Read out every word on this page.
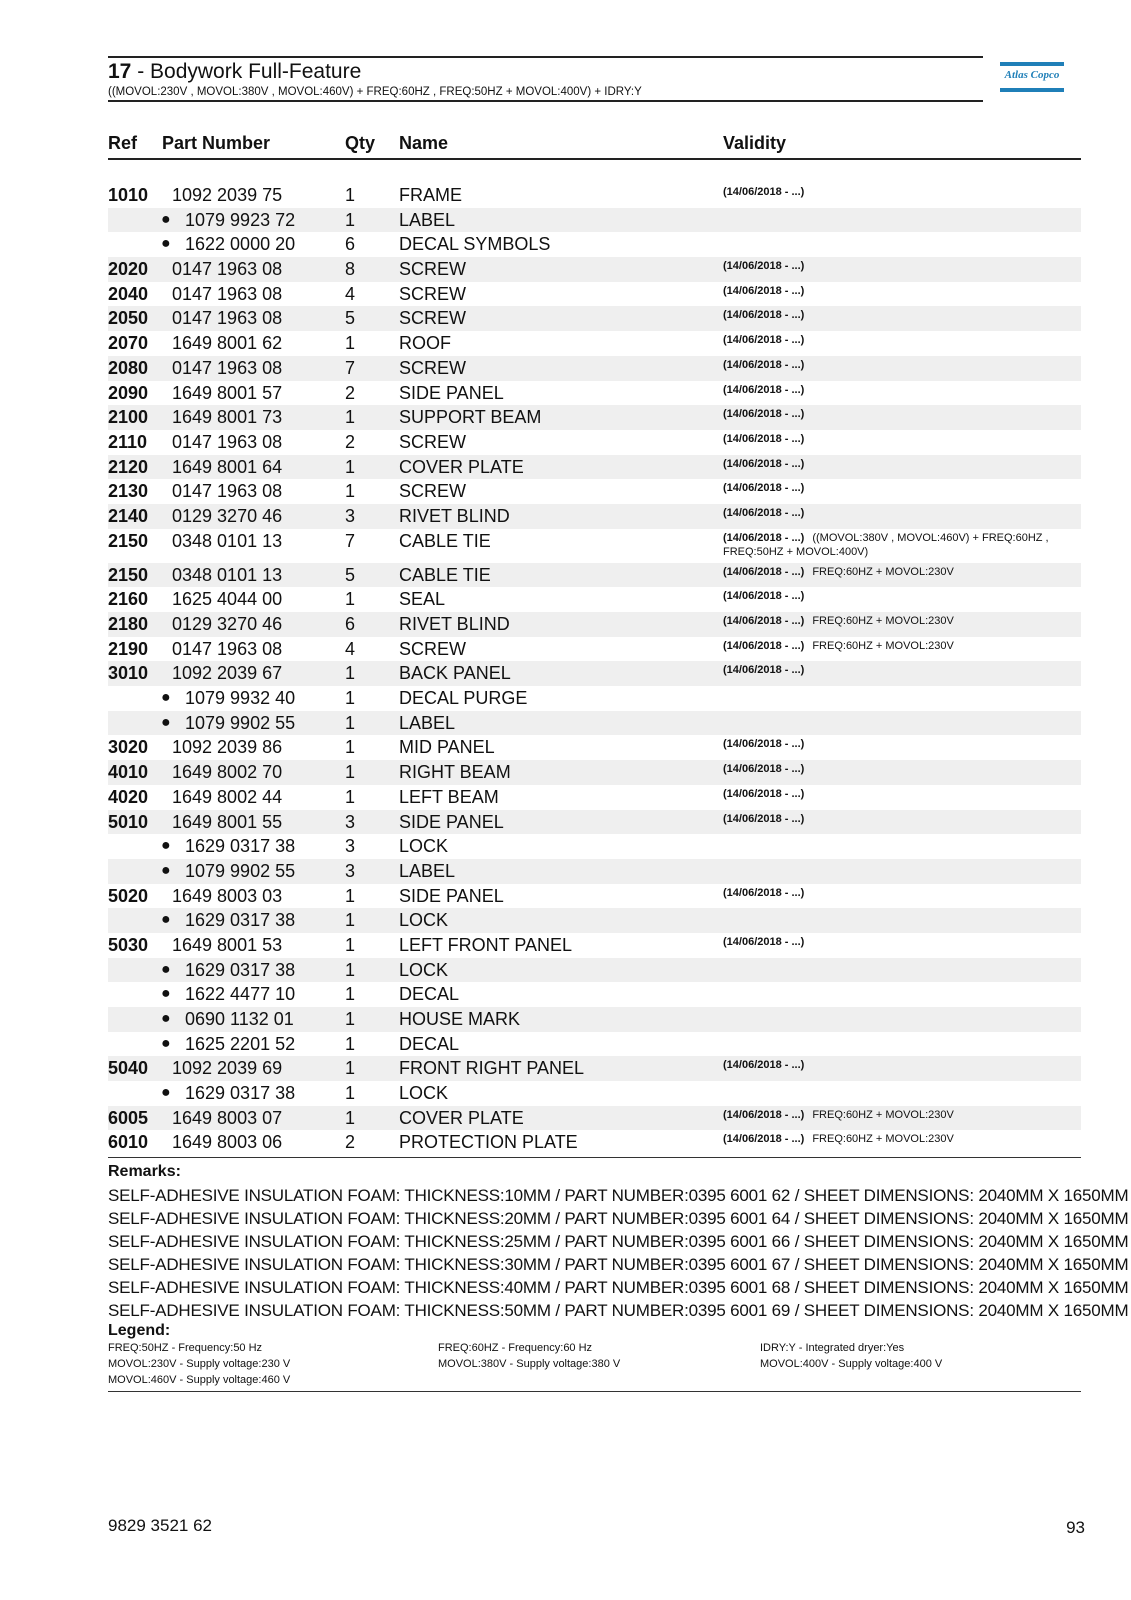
17 - Bodywork Full-Feature
((MOVOL:230V , MOVOL:380V , MOVOL:460V) + FREQ:60HZ , FREQ:50HZ + MOVOL:400V) + IDRY:Y
Atlas Copco
Ref Part Number	Qty Name	Validity
1010 1092 2039 75	1 FRAME	(14/06/2018 - ...)
● 1079 9923 72	1 LABEL
● 1622 0000 20	6 DECAL SYMBOLS
2020 0147 1963 08	8 SCREW	(14/06/2018 - ...)
2040 0147 1963 08	4 SCREW	(14/06/2018 - ...)
2050 0147 1963 08	5 SCREW	(14/06/2018 - ...)
2070 1649 8001 62	1 ROOF	(14/06/2018 - ...)
2080 0147 1963 08	7 SCREW	(14/06/2018 - ...)
2090 1649 8001 57	2 SIDE PANEL	(14/06/2018 - ...)
2100 1649 8001 73	1 SUPPORT BEAM	(14/06/2018 - ...)
2110 0147 1963 08	2 SCREW	(14/06/2018 - ...)
2120 1649 8001 64	1 COVER PLATE	(14/06/2018 - ...)
2130 0147 1963 08	1 SCREW	(14/06/2018 - ...)
2140 0129 3270 46	3 RIVET BLIND	(14/06/2018 - ...)
2150 0348 0101 13	7 CABLE TIE	(14/06/2018 - ...) ((MOVOL:380V , MOVOL:460V) + FREQ:60HZ ,
FREQ:50HZ + MOVOL:400V)
2150 0348 0101 13	5 CABLE TIE	(14/06/2018 - ...) FREQ:60HZ + MOVOL:230V
2160 1625 4044 00	1 SEAL	(14/06/2018 - ...)
2180 0129 3270 46	6 RIVET BLIND	(14/06/2018 - ...) FREQ:60HZ + MOVOL:230V
2190 0147 1963 08	4 SCREW	(14/06/2018 - ...) FREQ:60HZ + MOVOL:230V
3010 1092 2039 67	1 BACK PANEL	(14/06/2018 - ...)
● 1079 9932 40	1 DECAL PURGE
● 1079 9902 55	1 LABEL
3020 1092 2039 86	1 MID PANEL	(14/06/2018 - ...)
4010 1649 8002 70	1 RIGHT BEAM	(14/06/2018 - ...)
4020 1649 8002 44	1 LEFT BEAM	(14/06/2018 - ...)
5010 1649 8001 55	3 SIDE PANEL	(14/06/2018 - ...)
● 1629 0317 38	3 LOCK
● 1079 9902 55	3 LABEL
5020 1649 8003 03	1 SIDE PANEL	(14/06/2018 - ...)
● 1629 0317 38	1 LOCK
5030 1649 8001 53	1 LEFT FRONT PANEL	(14/06/2018 - ...)
● 1629 0317 38	1 LOCK
● 1622 4477 10	1 DECAL
● 0690 1132 01	1 HOUSE MARK
● 1625 2201 52	1 DECAL
5040 1092 2039 69	1 FRONT RIGHT PANEL	(14/06/2018 - ...)
● 1629 0317 38	1 LOCK
6005 1649 8003 07	1 COVER PLATE	(14/06/2018 - ...) FREQ:60HZ + MOVOL:230V
6010 1649 8003 06	2 PROTECTION PLATE	(14/06/2018 - ...) FREQ:60HZ + MOVOL:230V
Remarks:
SELF-ADHESIVE INSULATION FOAM: THICKNESS:10MM / PART NUMBER:0395 6001 62 / SHEET DIMENSIONS: 2040MM X 1650MM
SELF-ADHESIVE INSULATION FOAM: THICKNESS:20MM / PART NUMBER:0395 6001 64 / SHEET DIMENSIONS: 2040MM X 1650MM
SELF-ADHESIVE INSULATION FOAM: THICKNESS:25MM / PART NUMBER:0395 6001 66 / SHEET DIMENSIONS: 2040MM X 1650MM
SELF-ADHESIVE INSULATION FOAM: THICKNESS:30MM / PART NUMBER:0395 6001 67 / SHEET DIMENSIONS: 2040MM X 1650MM
SELF-ADHESIVE INSULATION FOAM: THICKNESS:40MM / PART NUMBER:0395 6001 68 / SHEET DIMENSIONS: 2040MM X 1650MM
SELF-ADHESIVE INSULATION FOAM: THICKNESS:50MM / PART NUMBER:0395 6001 69 / SHEET DIMENSIONS: 2040MM X 1650MM
Legend:
FREQ:50HZ - Frequency:50 Hz
MOVOL:230V - Supply voltage:230 V
MOVOL:460V - Supply voltage:460 V
FREQ:60HZ - Frequency:60 Hz
MOVOL:380V - Supply voltage:380 V
IDRY:Y - Integrated dryer:Yes
MOVOL:400V - Supply voltage:400 V
9829 3521 62	93
